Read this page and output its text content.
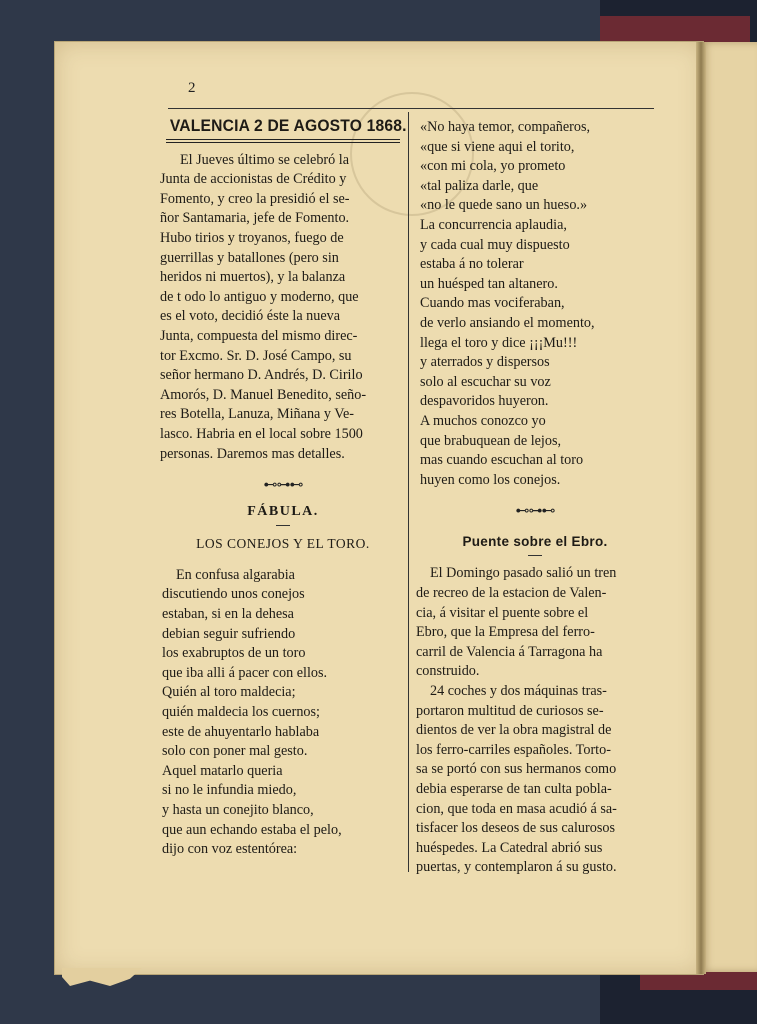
2
VALENCIA 2 DE AGOSTO 1868.
El Jueves último se celebró la
Junta de accionistas de Crédito y
Fomento, y creo la presidió el se-
ñor Santamaria, jefe de Fomento.
Hubo tirios y troyanos, fuego de
guerrillas y batallones (pero sin
heridos ni muertos), y la balanza
de t odo lo antiguo y moderno, que
es el voto, decidió éste la nueva
Junta, compuesta del mismo direc-
tor Excmo. Sr. D. José Campo, su
señor hermano D. Andrés, D. Cirilo
Amorós, D. Manuel Benedito, seño-
res Botella, Lanuza, Miñana y Ve-
lasco. Habria en el local sobre 1500
personas. Daremos mas detalles.
⊷⊶⊷
FÁBULA.
LOS CONEJOS Y EL TORO.
En confusa algarabia
discutiendo unos conejos
estaban, si en la dehesa
debian seguir sufriendo
los exabruptos de un toro
que iba alli á pacer con ellos.
Quién al toro maldecia;
quién maldecia los cuernos;
este de ahuyentarlo hablaba
solo con poner mal gesto.
Aquel matarlo queria
si no le infundia miedo,
y hasta un conejito blanco,
que aun echando estaba el pelo,
dijo con voz estentórea:
«No haya temor, compañeros,
«que si viene aqui el torito,
«con mi cola, yo prometo
«tal paliza darle, que
«no le quede sano un hueso.»
La concurrencia aplaudia,
y cada cual muy dispuesto
estaba á no tolerar
un huésped tan altanero.
Cuando mas vociferaban,
de verlo ansiando el momento,
llega el toro y dice ¡¡¡Mu!!!
y aterrados y dispersos
solo al escuchar su voz
despavoridos huyeron.
A muchos conozco yo
que brabuquean de lejos,
mas cuando escuchan al toro
huyen como los conejos.
⊷⊶⊷
Puente sobre el Ebro.
El Domingo pasado salió un tren
de recreo de la estacion de Valen-
cia, á visitar el puente sobre el
Ebro, que la Empresa del ferro-
carril de Valencia á Tarragona ha
construido.
24 coches y dos máquinas tras-
portaron multitud de curiosos se-
dientos de ver la obra magistral de
los ferro-carriles españoles. Torto-
sa se portó con sus hermanos como
debia esperarse de tan culta pobla-
cion, que toda en masa acudió á sa-
tisfacer los deseos de sus calurosos
huéspedes. La Catedral abrió sus
puertas, y contemplaron á su gusto.
